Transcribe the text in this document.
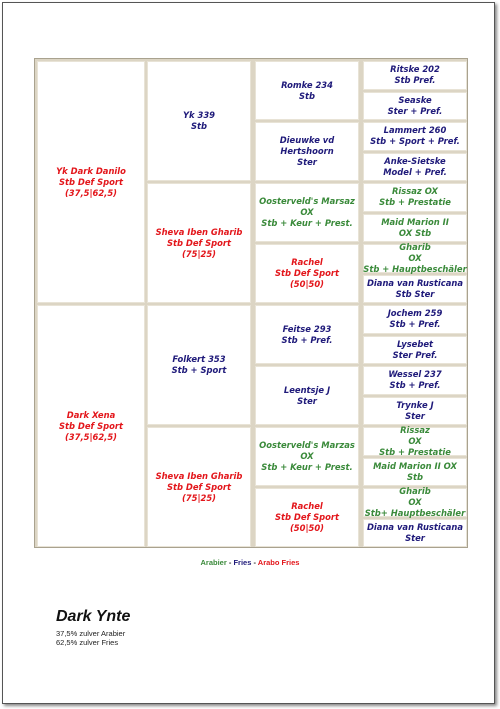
Yk Dark Danilo
Stb Def Sport
(37,5|62,5)
Dark Xena
Stb Def Sport
(37,5|62,5)
Yk 339
Stb
Sheva Iben Gharib
Stb Def Sport
(75|25)
Folkert 353
Stb + Sport
Sheva Iben Gharib
Stb Def Sport
(75|25)
Romke 234
Stb
Dieuwke vd
Hertshoorn
Ster
Oosterveld's Marsaz
OX
Stb + Keur + Prest.
Rachel
Stb Def Sport
(50|50)
Feitse 293
Stb + Pref.
Leentsje J
Ster
Oosterveld's Marzas
OX
Stb + Keur + Prest.
Rachel
Stb Def Sport
(50|50)
Ritske 202
Stb Pref.
Seaske
Ster + Pref.
Lammert 260
Stb + Sport + Pref.
Anke-Sietske
Model + Pref.
Rissaz OX
Stb + Prestatie
Maid Marion II
OX Stb
Gharib
OX
Stb + Hauptbeschäler
Diana van Rusticana
Stb Ster
Jochem 259
Stb + Pref.
Lysebet
Ster Pref.
Wessel 237
Stb + Pref.
Trynke J
Ster
Rissaz
OX
Stb + Prestatie
Maid Marion II OX
Stb
Gharib
OX
Stb+ Hauptbeschäler
Diana van Rusticana
Ster
Arabier - Fries - Arabo Fries
Dark Ynte
37,5% zulver Arabier
62,5% zulver Fries
